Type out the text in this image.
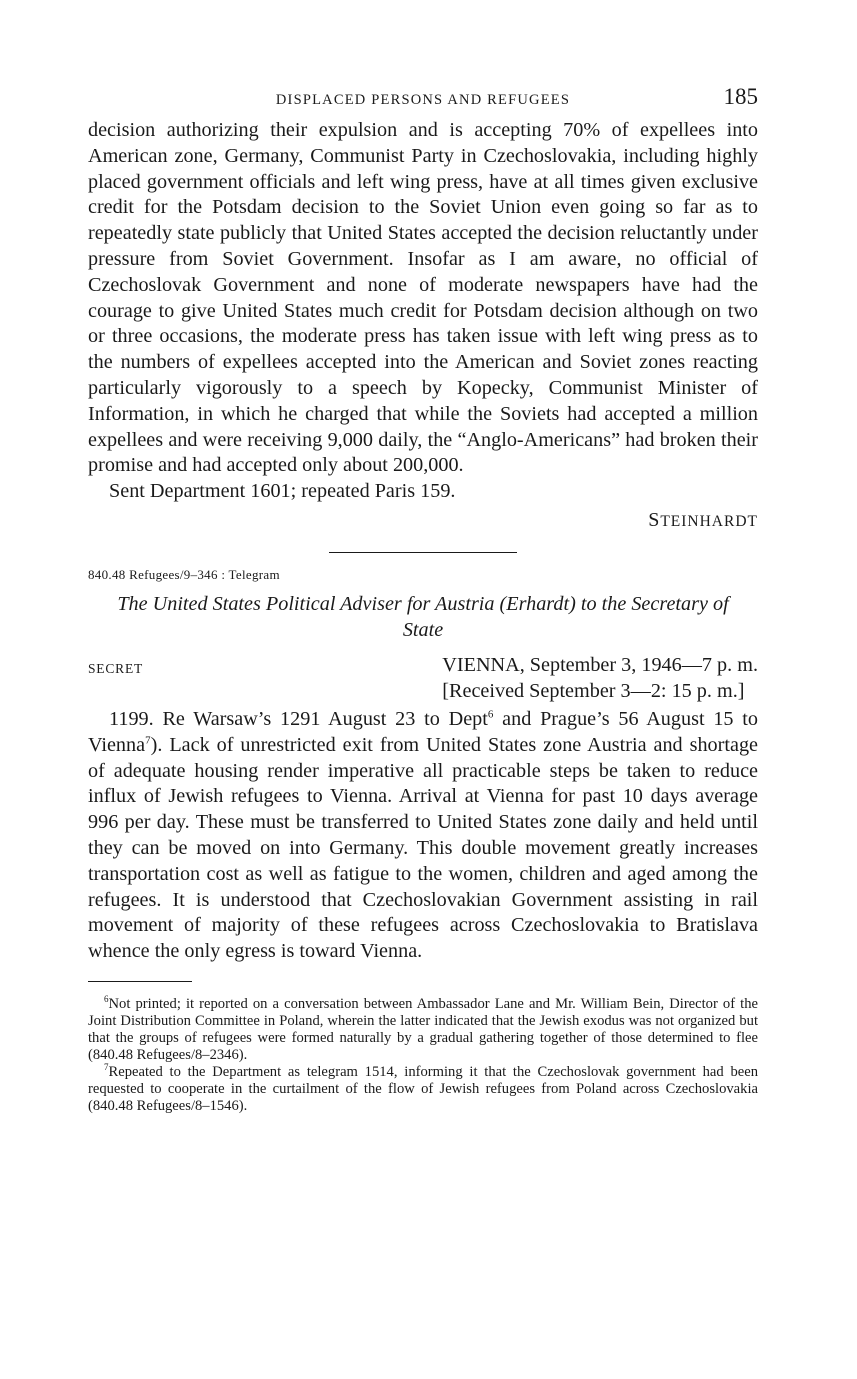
DISPLACED PERSONS AND REFUGEES	185

decision authorizing their expulsion and is accepting 70% of expellees into American zone, Germany, Communist Party in Czechoslovakia, including highly placed government officials and left wing press, have at all times given exclusive credit for the Potsdam decision to the Soviet Union even going so far as to repeatedly state publicly that United States accepted the decision reluctantly under pressure from Soviet Government. Insofar as I am aware, no official of Czechoslovak Government and none of moderate newspapers have had the courage to give United States much credit for Potsdam decision although on two or three occasions, the moderate press has taken issue with left wing press as to the numbers of expellees accepted into the American and Soviet zones reacting particularly vigorously to a speech by Kopecky, Communist Minister of Information, in which he charged that while the Soviets had accepted a million expellees and were receiving 9,000 daily, the “Anglo-Americans” had broken their promise and had accepted only about 200,000.

Sent Department 1601; repeated Paris 159.

STEINHARDT
840.48 Refugees/9–346 : Telegram
The United States Political Adviser for Austria (Erhardt) to the Secretary of State
SECRET	VIENNA, September 3, 1946—7 p. m.
[Received September 3—2: 15 p. m.]

1199. Re Warsaw’s 1291 August 23 to Dept$^6$ and Prague’s 56 August 15 to Vienna$^7$). Lack of unrestricted exit from United States zone Austria and shortage of adequate housing render imperative all practicable steps be taken to reduce influx of Jewish refugees to Vienna. Arrival at Vienna for past 10 days average 996 per day. These must be transferred to United States zone daily and held until they can be moved on into Germany. This double movement greatly increases transportation cost as well as fatigue to the women, children and aged among the refugees. It is understood that Czechoslovakian Government assisting in rail movement of majority of these refugees across Czechoslovakia to Bratislava whence the only egress is toward Vienna.

$^6$Not printed; it reported on a conversation between Ambassador Lane and Mr. William Bein, Director of the Joint Distribution Committee in Poland, wherein the latter indicated that the Jewish exodus was not organized but that the groups of refugees were formed naturally by a gradual gathering together of those determined to flee (840.48 Refugees/8–2346).

$^7$Repeated to the Department as telegram 1514, informing it that the Czechoslovak government had been requested to cooperate in the curtailment of the flow of Jewish refugees from Poland across Czechoslovakia (840.48 Refugees/8–1546).
